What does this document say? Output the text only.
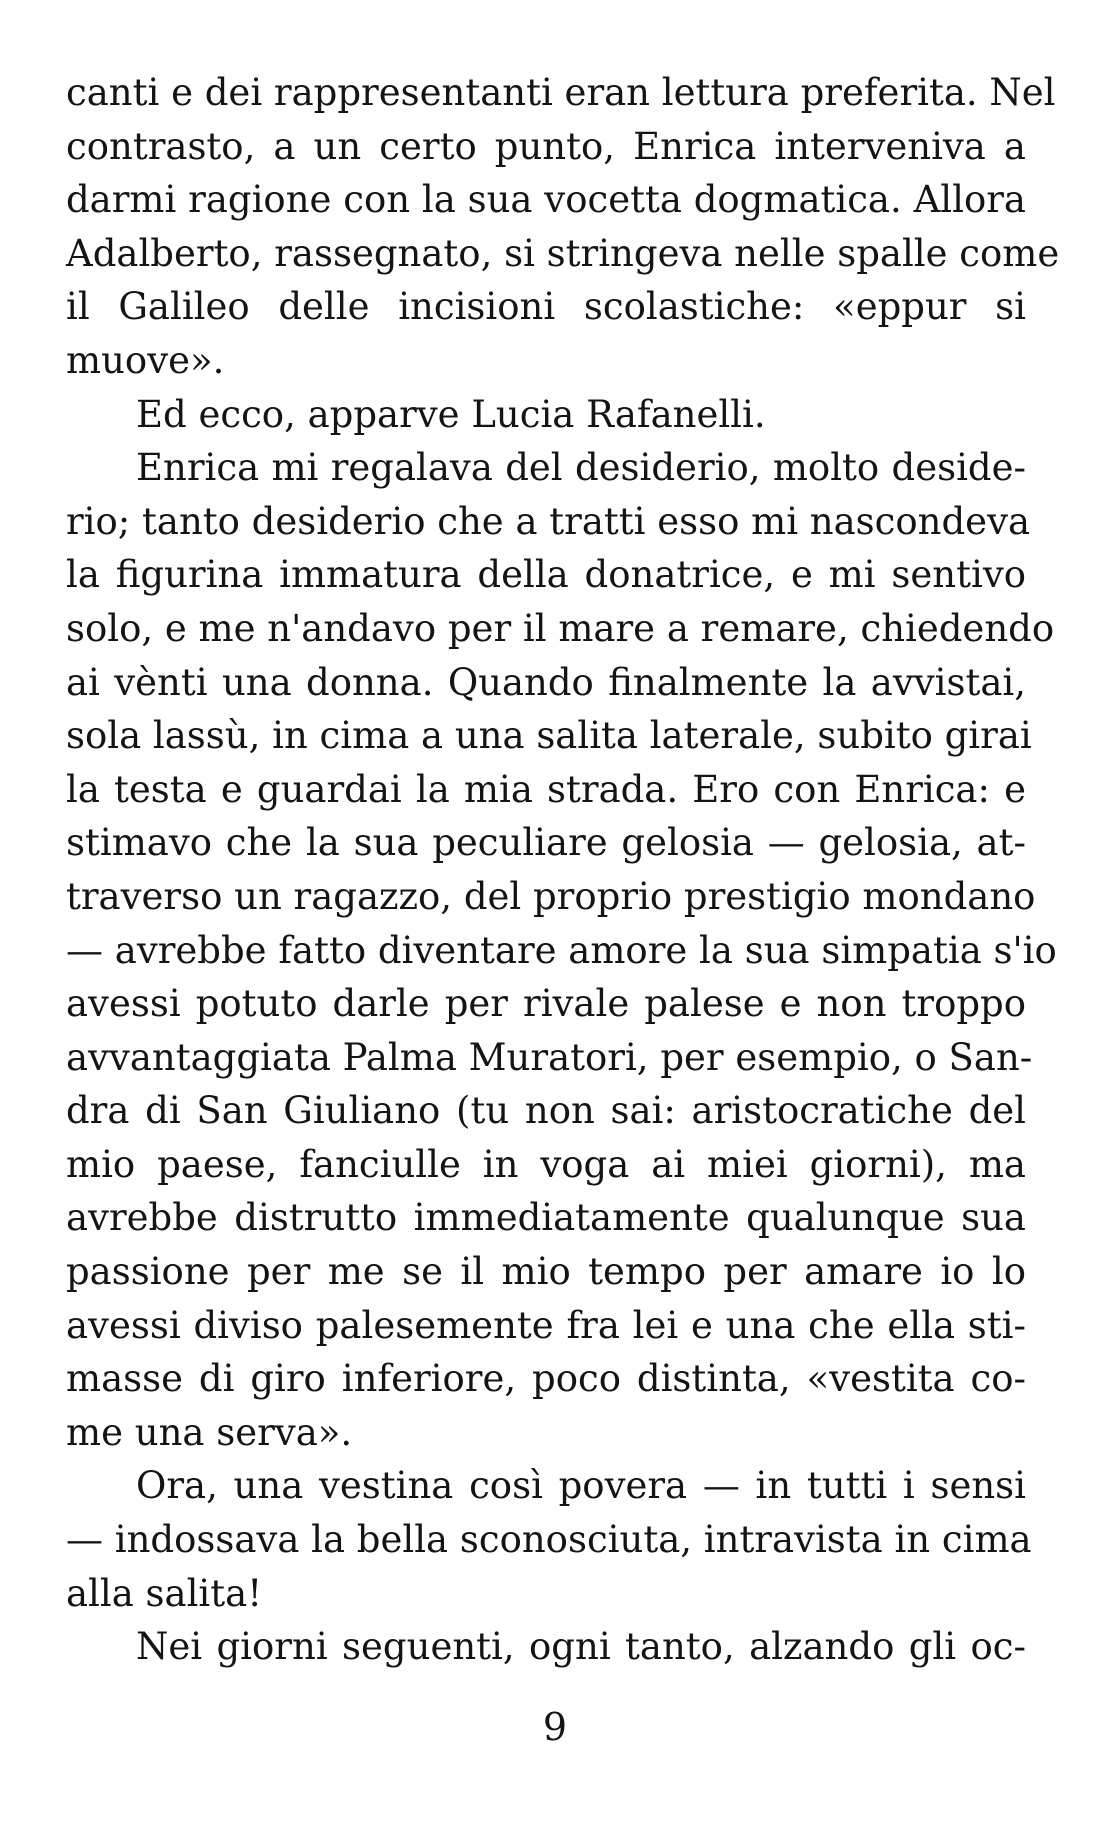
canti e dei rappresentanti eran lettura preferita. Nel
contrasto, a un certo punto, Enrica interveniva a
darmi ragione con la sua vocetta dogmatica. Allora
Adalberto, rassegnato, si stringeva nelle spalle come
il Galileo delle incisioni scolastiche: «eppur si
muove».
Ed ecco, apparve Lucia Rafanelli.
Enrica mi regalava del desiderio, molto deside-
rio; tanto desiderio che a tratti esso mi nascondeva
la figurina immatura della donatrice, e mi sentivo
solo, e me n'andavo per il mare a remare, chiedendo
ai vènti una donna. Quando finalmente la avvistai,
sola lassù, in cima a una salita laterale, subito girai
la testa e guardai la mia strada. Ero con Enrica: e
stimavo che la sua peculiare gelosia — gelosia, at-
traverso un ragazzo, del proprio prestigio mondano
— avrebbe fatto diventare amore la sua simpatia s'io
avessi potuto darle per rivale palese e non troppo
avvantaggiata Palma Muratori, per esempio, o San-
dra di San Giuliano (tu non sai: aristocratiche del
mio paese, fanciulle in voga ai miei giorni), ma
avrebbe distrutto immediatamente qualunque sua
passione per me se il mio tempo per amare io lo
avessi diviso palesemente fra lei e una che ella sti-
masse di giro inferiore, poco distinta, «vestita co-
me una serva».
Ora, una vestina così povera — in tutti i sensi
— indossava la bella sconosciuta, intravista in cima
alla salita!
Nei giorni seguenti, ogni tanto, alzando gli oc-
9
